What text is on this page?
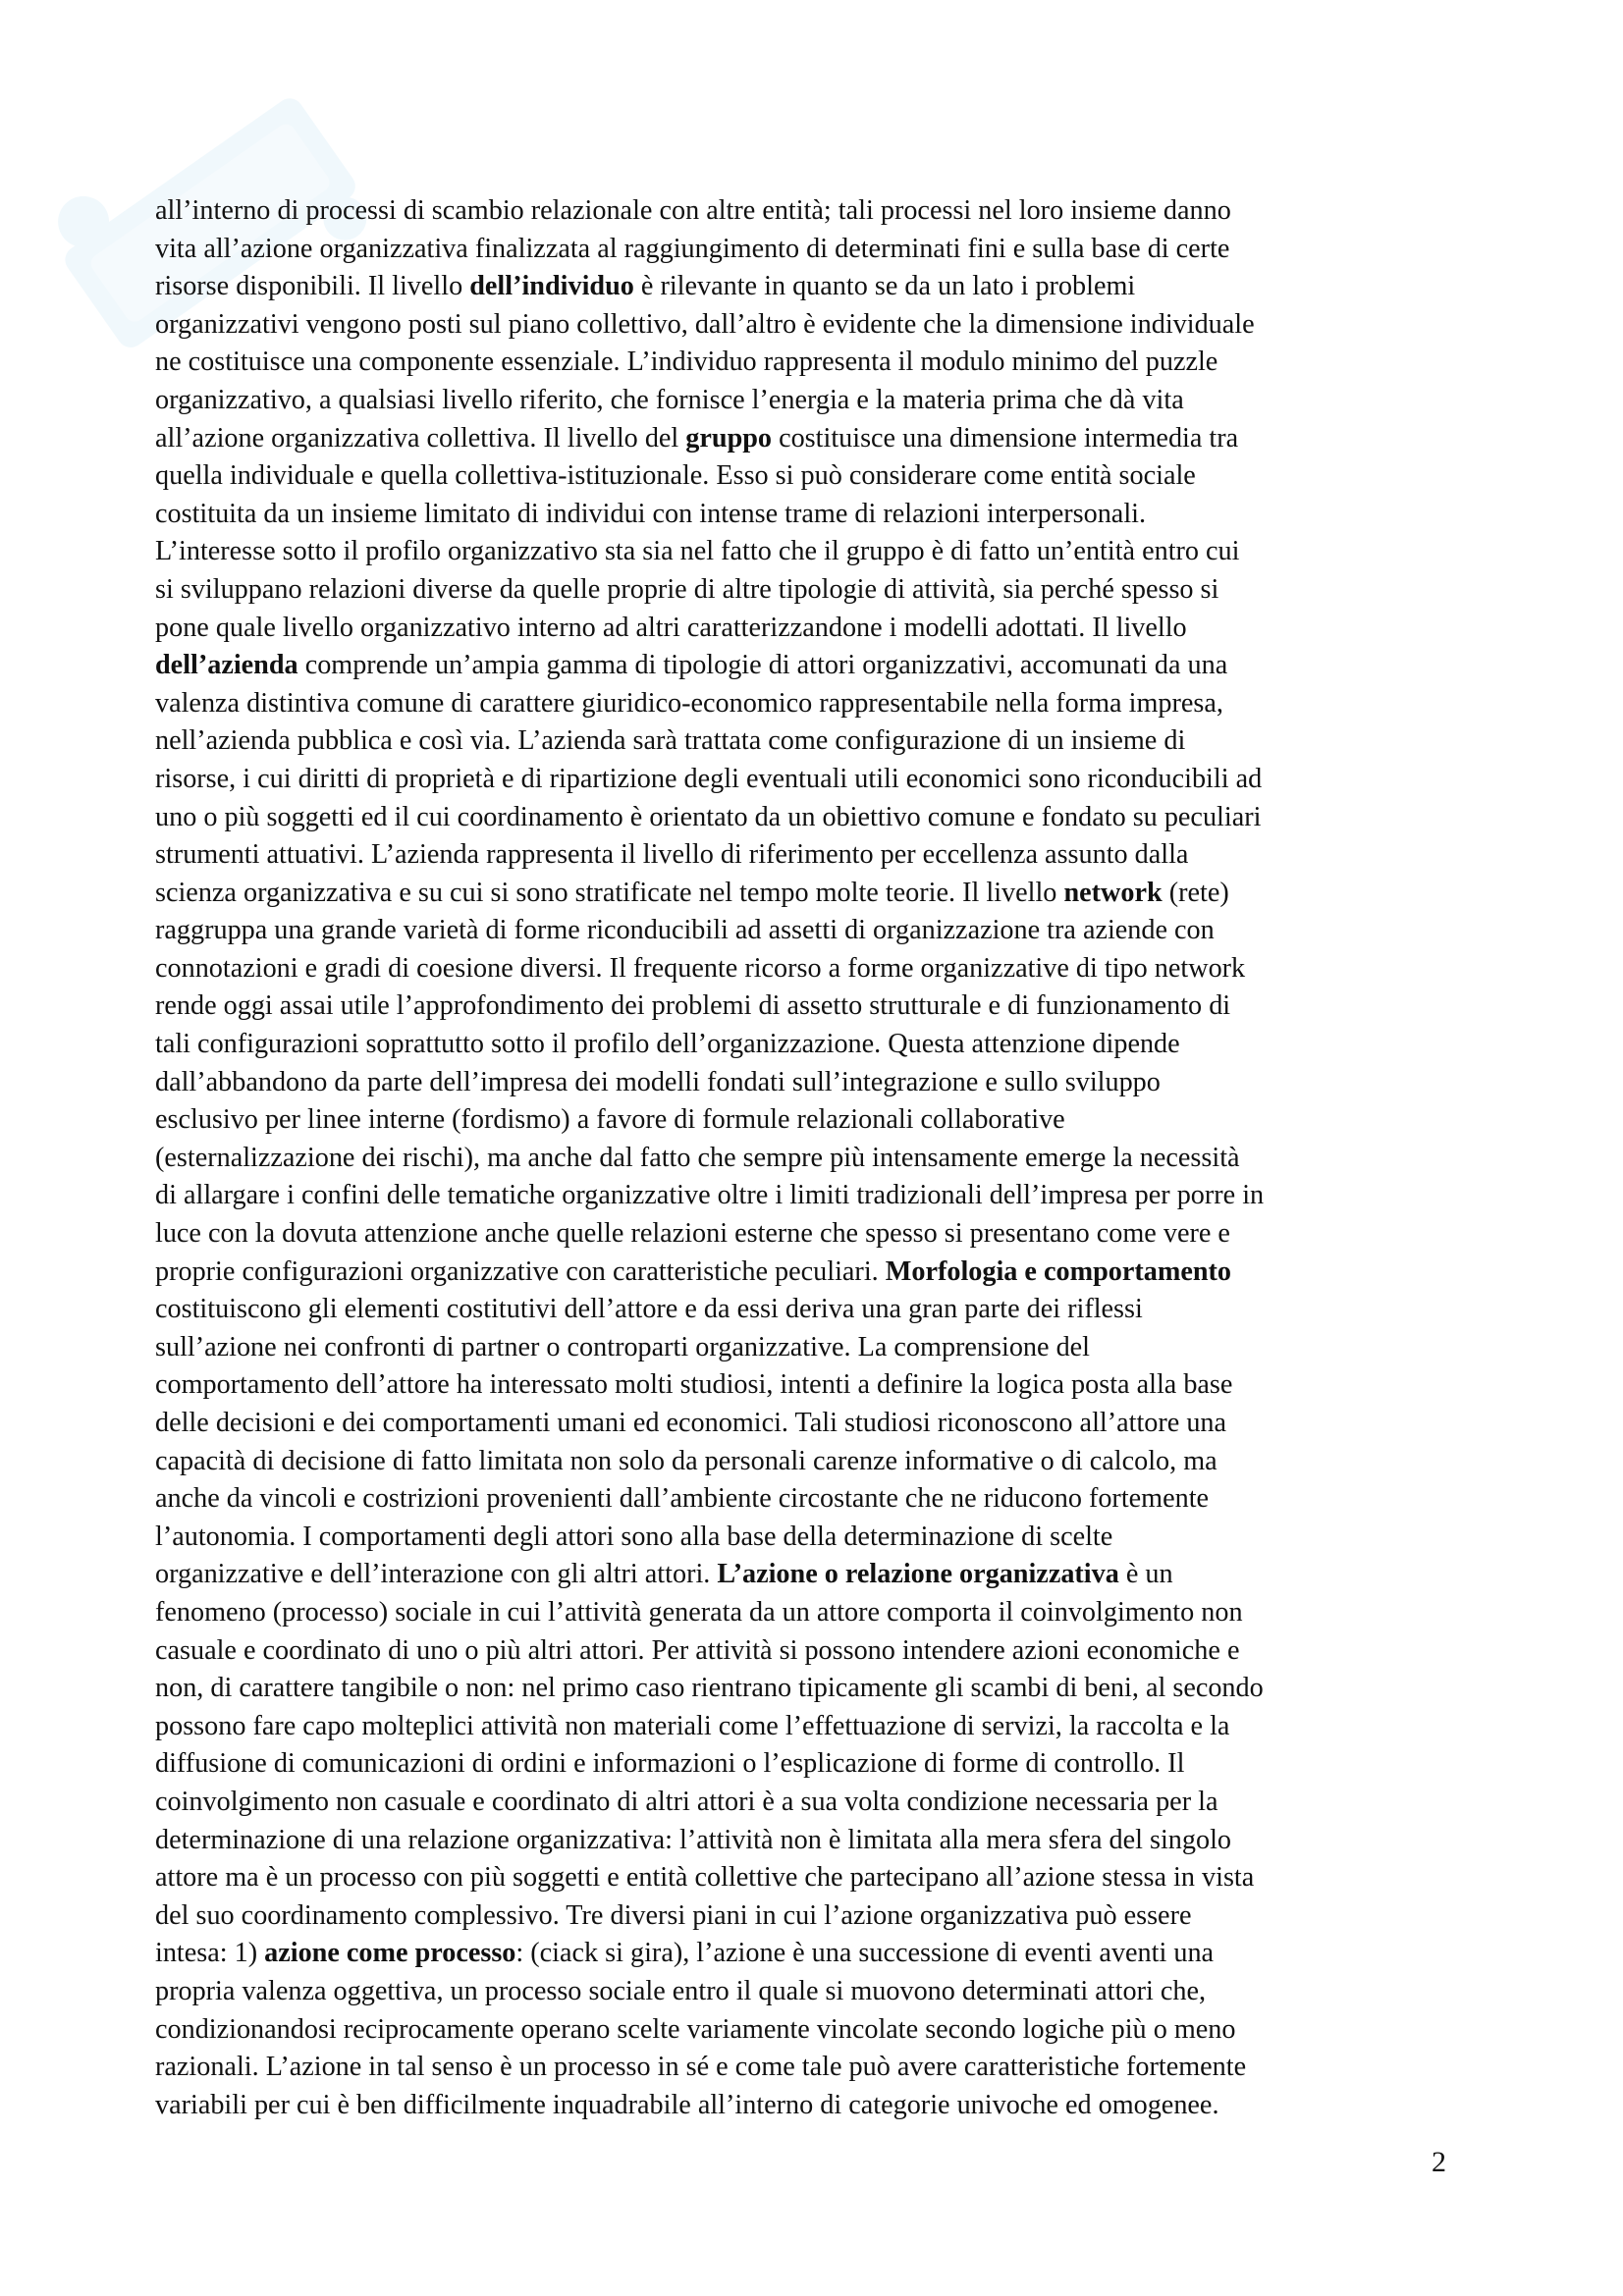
all’interno di processi di scambio relazionale con altre entità; tali processi nel loro insieme danno
vita all’azione organizzativa finalizzata al raggiungimento di determinati fini e sulla base di certe
risorse disponibili. Il livello dell’individuo è rilevante in quanto se da un lato i problemi
organizzativi vengono posti sul piano collettivo, dall’altro è evidente che la dimensione individuale
ne costituisce una componente essenziale. L’individuo rappresenta il modulo minimo del puzzle
organizzativo, a qualsiasi livello riferito, che fornisce l’energia e la materia prima che dà vita
all’azione organizzativa collettiva. Il livello del gruppo costituisce una dimensione intermedia tra
quella individuale e quella collettiva-istituzionale. Esso si può considerare come entità sociale
costituita da un insieme limitato di individui con intense trame di relazioni interpersonali.
L’interesse sotto il profilo organizzativo sta sia nel fatto che il gruppo è di fatto un’entità entro cui
si sviluppano relazioni diverse da quelle proprie di altre tipologie di attività, sia perché spesso si
pone quale livello organizzativo interno ad altri caratterizzandone i modelli adottati. Il livello
dell’azienda comprende un’ampia gamma di tipologie di attori organizzativi, accomunati da una
valenza distintiva comune di carattere giuridico-economico rappresentabile nella forma impresa,
nell’azienda pubblica e così via. L’azienda sarà trattata come configurazione di un insieme di
risorse, i cui diritti di proprietà e di ripartizione degli eventuali utili economici sono riconducibili ad
uno o più soggetti ed il cui coordinamento è orientato da un obiettivo comune e fondato su peculiari
strumenti attuativi. L’azienda rappresenta il livello di riferimento per eccellenza assunto dalla
scienza organizzativa e su cui si sono stratificate nel tempo molte teorie. Il livello network (rete)
raggruppa una grande varietà di forme riconducibili ad assetti di organizzazione tra aziende con
connotazioni e gradi di coesione diversi. Il frequente ricorso a forme organizzative di tipo network
rende oggi assai utile l’approfondimento dei problemi di assetto strutturale e di funzionamento di
tali configurazioni soprattutto sotto il profilo dell’organizzazione. Questa attenzione dipende
dall’abbandono da parte dell’impresa dei modelli fondati sull’integrazione e sullo sviluppo
esclusivo per linee interne (fordismo) a favore di formule relazionali collaborative
(esternalizzazione dei rischi), ma anche dal fatto che sempre più intensamente emerge la necessità
di allargare i confini delle tematiche organizzative oltre i limiti tradizionali dell’impresa per porre in
luce con la dovuta attenzione anche quelle relazioni esterne che spesso si presentano come vere e
proprie configurazioni organizzative con caratteristiche peculiari. Morfologia e comportamento
costituiscono gli elementi costitutivi dell’attore e da essi deriva una gran parte dei riflessi
sull’azione nei confronti di partner o controparti organizzative. La comprensione del
comportamento dell’attore ha interessato molti studiosi, intenti a definire la logica posta alla base
delle decisioni e dei comportamenti umani ed economici. Tali studiosi riconoscono all’attore una
capacità di decisione di fatto limitata non solo da personali carenze informative o di calcolo, ma
anche da vincoli e costrizioni provenienti dall’ambiente circostante che ne riducono fortemente
l’autonomia. I comportamenti degli attori sono alla base della determinazione di scelte
organizzative e dell’interazione con gli altri attori. L’azione o relazione organizzativa è un
fenomeno (processo) sociale in cui l’attività generata da un attore comporta il coinvolgimento non
casuale e coordinato di uno o più altri attori. Per attività si possono intendere azioni economiche e
non, di carattere tangibile o non: nel primo caso rientrano tipicamente gli scambi di beni, al secondo
possono fare capo molteplici attività non materiali come l’effettuazione di servizi, la raccolta e la
diffusione di comunicazioni di ordini e informazioni o l’esplicazione di forme di controllo. Il
coinvolgimento non casuale e coordinato di altri attori è a sua volta condizione necessaria per la
determinazione di una relazione organizzativa: l’attività non è limitata alla mera sfera del singolo
attore ma è un processo con più soggetti e entità collettive che partecipano all’azione stessa in vista
del suo coordinamento complessivo. Tre diversi piani in cui l’azione organizzativa può essere
intesa: 1) azione come processo: (ciack si gira), l’azione è una successione di eventi aventi una
propria valenza oggettiva, un processo sociale entro il quale si muovono determinati attori che,
condizionandosi reciprocamente operano scelte variamente vincolate secondo logiche più o meno
razionali. L’azione in tal senso è un processo in sé e come tale può avere caratteristiche fortemente
variabili per cui è ben difficilmente inquadrabile all’interno di categorie univoche ed omogenee.
2
